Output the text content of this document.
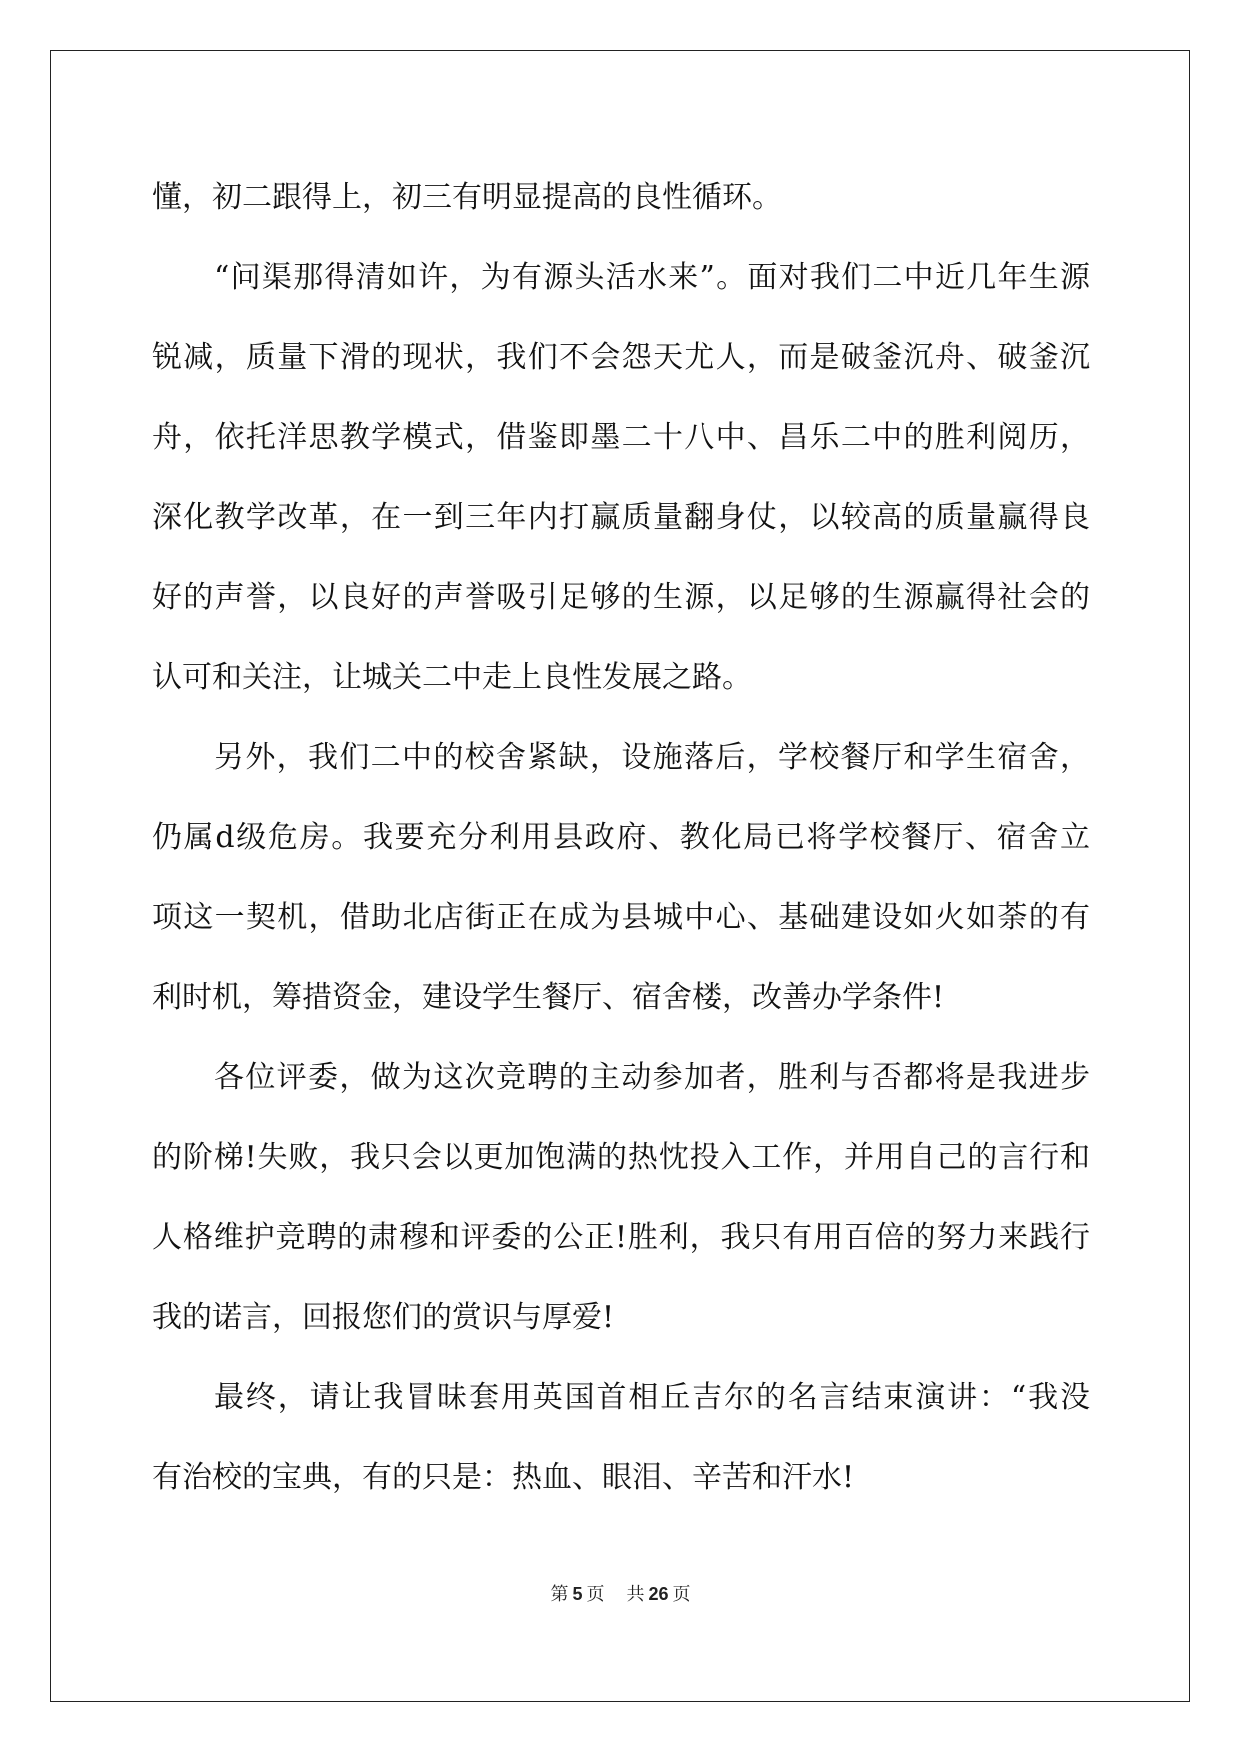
懂，初二跟得上，初三有明显提高的良性循环。
“问渠那得清如许，为有源头活水来”。面对我们二中近几年生源
锐减，质量下滑的现状，我们不会怨天尤人，而是破釜沉舟、破釜沉
舟，依托洋思教学模式，借鉴即墨二十八中、昌乐二中的胜利阅历，
深化教学改革，在一到三年内打赢质量翻身仗，以较高的质量赢得良
好的声誉，以良好的声誉吸引足够的生源，以足够的生源赢得社会的
认可和关注，让城关二中走上良性发展之路。
另外，我们二中的校舍紧缺，设施落后，学校餐厅和学生宿舍，
仍属d级危房。我要充分利用县政府、教化局已将学校餐厅、宿舍立
项这一契机，借助北店街正在成为县城中心、基础建设如火如荼的有
利时机，筹措资金，建设学生餐厅、宿舍楼，改善办学条件!
各位评委，做为这次竞聘的主动参加者，胜利与否都将是我进步
的阶梯!失败，我只会以更加饱满的热忱投入工作，并用自己的言行和
人格维护竞聘的肃穆和评委的公正!胜利，我只有用百倍的努力来践行
我的诺言，回报您们的赏识与厚爱!
最终，请让我冒昧套用英国首相丘吉尔的名言结束演讲：“我没
有治校的宝典，有的只是：热血、眼泪、辛苦和汗水!
第 5 页 共 26 页
